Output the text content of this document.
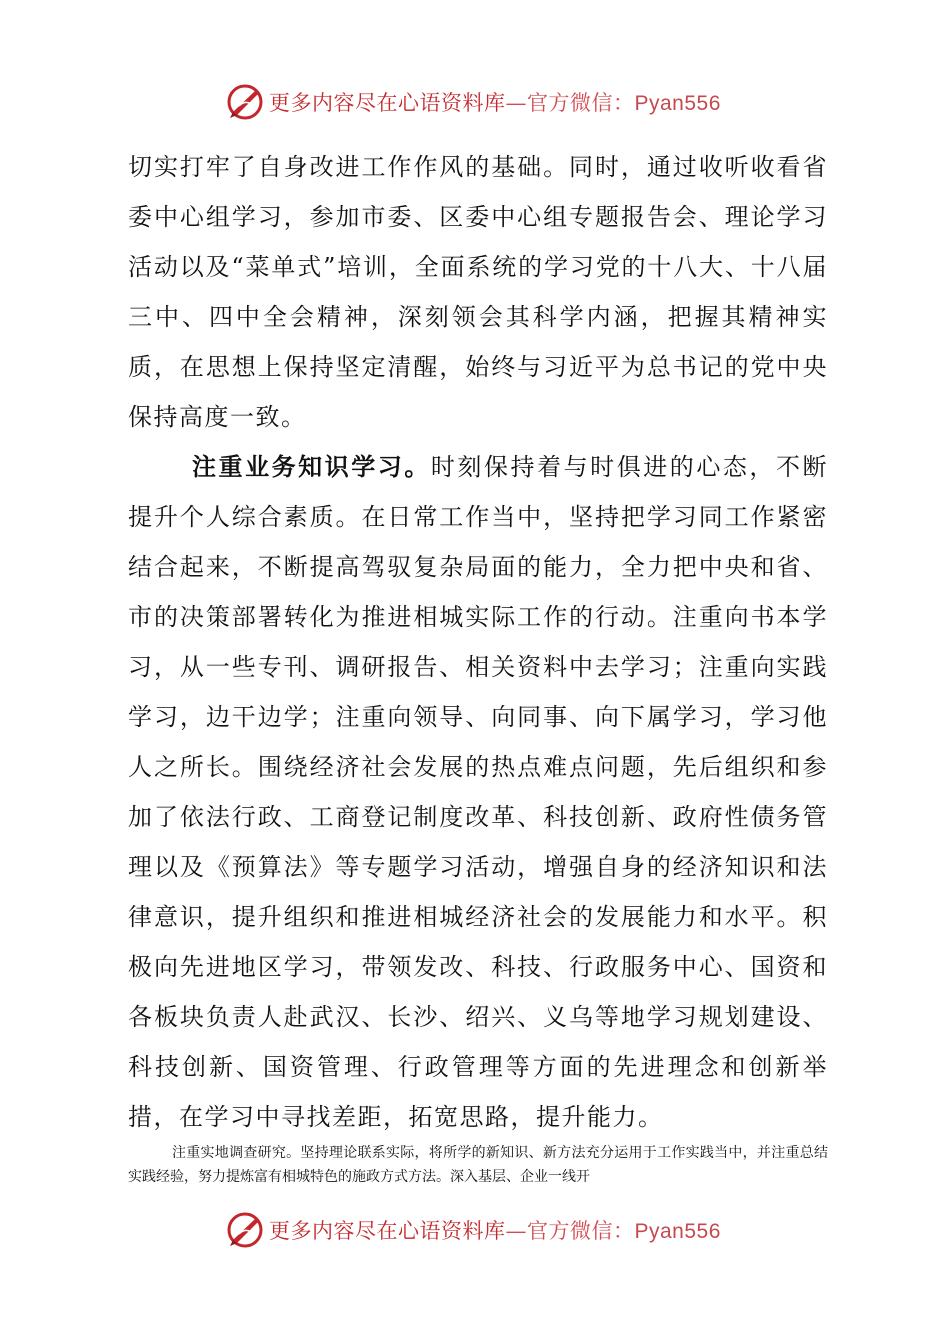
更多内容尽在心语资料库—官方微信：Pyan556

切实打牢了自身改进工作作风的基础。同时，通过收听收看省委中心组学习，参加市委、区委中心组专题报告会、理论学习活动以及“菜单式”培训，全面系统的学习党的十八大、十八届三中、四中全会精神，深刻领会其科学内涵，把握其精神实质，在思想上保持坚定清醒，始终与习近平为总书记的党中央保持高度一致。

注重业务知识学习。时刻保持着与时俱进的心态，不断提升个人综合素质。在日常工作当中，坚持把学习同工作紧密结合起来，不断提高驾驭复杂局面的能力，全力把中央和省、市的决策部署转化为推进相城实际工作的行动。注重向书本学习，从一些专刊、调研报告、相关资料中去学习；注重向实践学习，边干边学；注重向领导、向同事、向下属学习，学习他人之所长。围绕经济社会发展的热点难点问题，先后组织和参加了依法行政、工商登记制度改革、科技创新、政府性债务管理以及《预算法》等专题学习活动，增强自身的经济知识和法律意识，提升组织和推进相城经济社会的发展能力和水平。积极向先进地区学习，带领发改、科技、行政服务中心、国资和各板块负责人赴武汉、长沙、绍兴、义乌等地学习规划建设、科技创新、国资管理、行政管理等方面的先进理念和创新举措，在学习中寻找差距，拓宽思路，提升能力。

注重实地调查研究。坚持理论联系实际，将所学的新知识、新方法充分运用于工作实践当中，并注重总结实践经验，努力提炼富有相城特色的施政方式方法。深入基层、企业一线开

更多内容尽在心语资料库—官方微信：Pyan556
